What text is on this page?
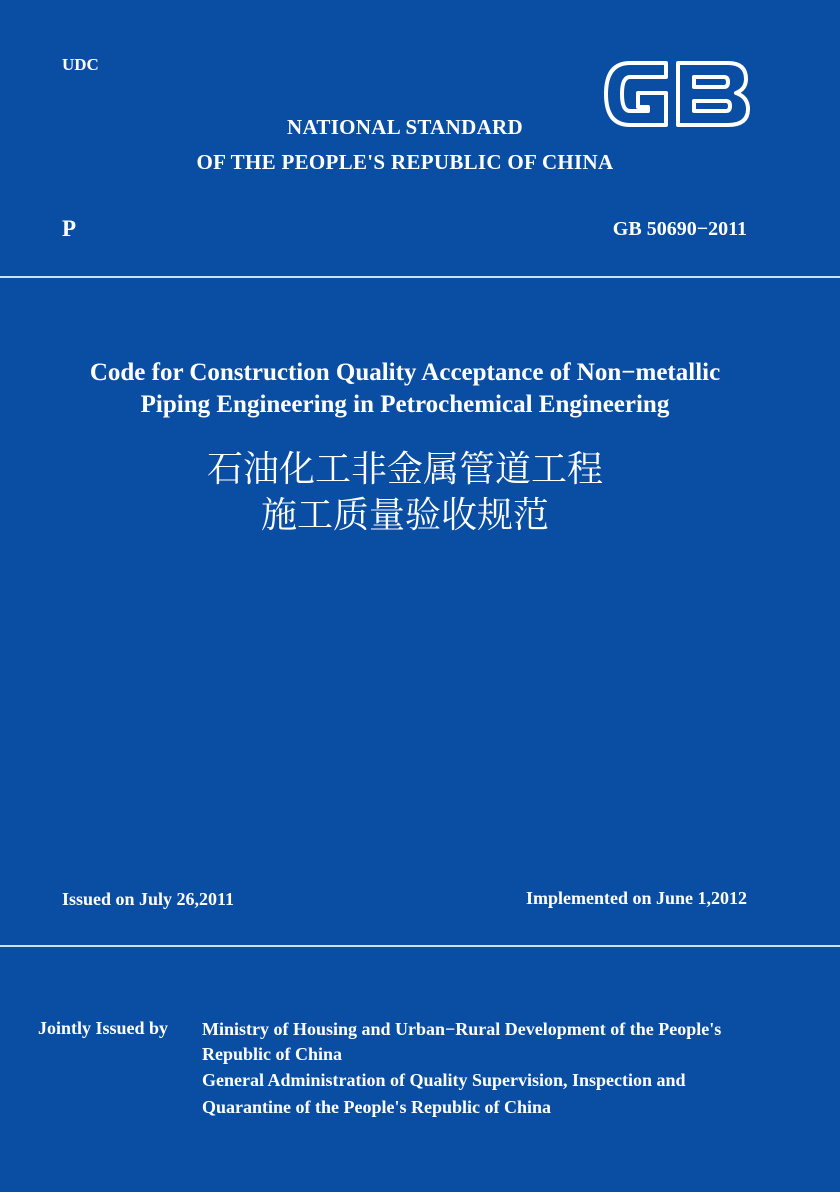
UDC
NATIONAL STANDARD
OF THE PEOPLE'S REPUBLIC OF CHINA
P	GB 50690−2011
Code for Construction Quality Acceptance of Non−metallic
Piping Engineering in Petrochemical Engineering
石油化工非金属管道工程
施工质量验收规范
Issued on July 26,2011	Implemented on June 1,2012
Jointly Issued by Ministry of Housing and Urban−Rural Development of the People's
Republic of China
General Administration of Quality Supervision, Inspection and
Quarantine of the People's Republic of China
